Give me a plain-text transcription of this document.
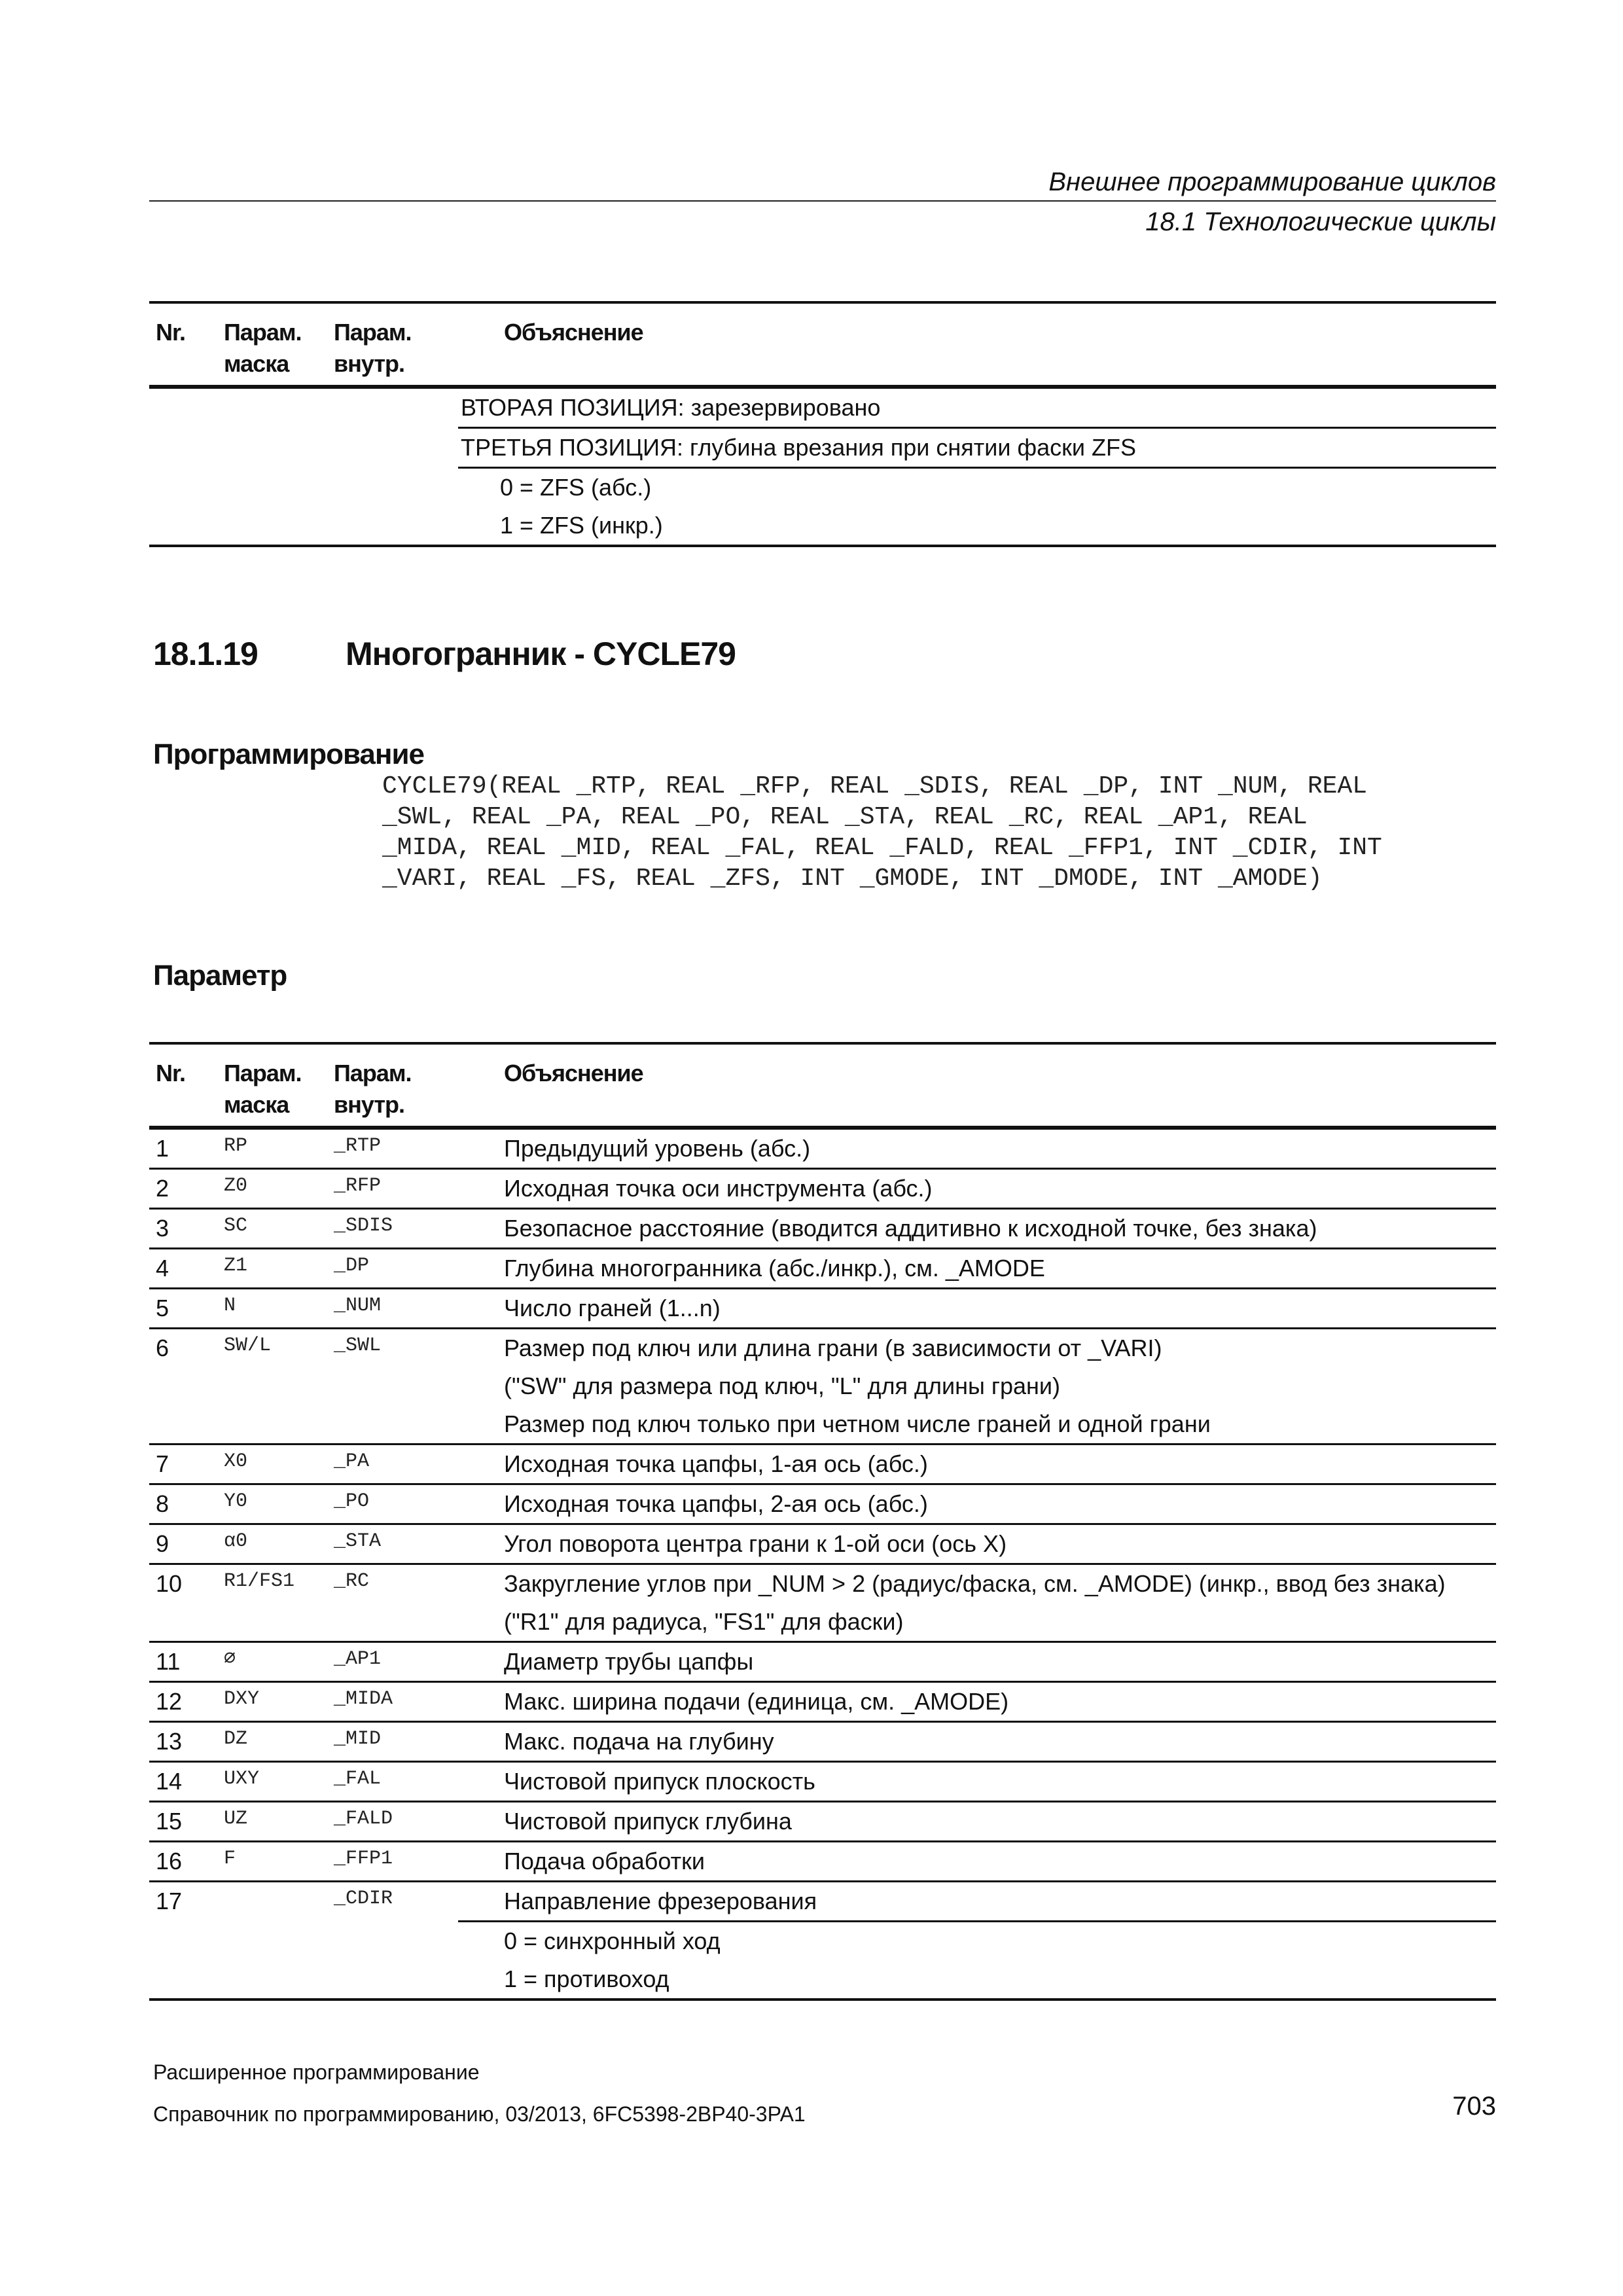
Внешнее программирование циклов
18.1 Технологические циклы
Nr.	Парам.	Парам.	Объяснение	
	маска	внутр.		
			ВТОРАЯ ПОЗИЦИЯ: зарезервировано	
			ТРЕТЬЯ ПОЗИЦИЯ: глубина врезания при снятии фаски ZFS	
				0 = ZFS (абс.)
				1 = ZFS (инкр.)
18.1.19	Многогранник - CYCLE79
Программирование
CYCLE79(REAL _RTP, REAL _RFP, REAL _SDIS, REAL _DP, INT _NUM, REAL
_SWL, REAL _PA, REAL _PO, REAL _STA, REAL _RC, REAL _AP1, REAL
_MIDA, REAL _MID, REAL _FAL, REAL _FALD, REAL _FFP1, INT _CDIR, INT
_VARI, REAL _FS, REAL _ZFS, INT _GMODE, INT _DMODE, INT _AMODE)
Параметр
Nr.	Парам.	Парам.	Объяснение	
	маска	внутр.		
1	RP	_RTP	Предыдущий уровень (абс.)	
2	Z0	_RFP	Исходная точка оси инструмента (абс.)	
3	SC	_SDIS	Безопасное расстояние (вводится аддитивно к исходной точке, без знака)	
4	Z1	_DP	Глубина многогранника (абс./инкр.), см. _AMODE	
5	N	_NUM	Число граней (1...n)	
6	SW/L	_SWL	Размер под ключ или длина грани (в зависимости от _VARI)	
			("SW" для размера под ключ, "L" для длины грани)	
			Размер под ключ только при четном числе граней и одной грани	
7	X0	_PA	Исходная точка цапфы, 1-ая ось (абс.)	
8	Y0	_PO	Исходная точка цапфы, 2-ая ось (абс.)	
9	α0	_STA	Угол поворота центра грани к 1-ой оси (ось X)	
10	R1/FS1	_RC	Закругление углов при _NUM > 2 (радиус/фаска, см. _AMODE) (инкр., ввод без знака)	
			("R1" для радиуса, "FS1" для фаски)	
11	∅	_AP1	Диаметр трубы цапфы	
12	DXY	_MIDA	Макс. ширина подачи (единица, см. _AMODE)	
13	DZ	_MID	Макс. подача на глубину	
14	UXY	_FAL	Чистовой припуск плоскость	
15	UZ	_FALD	Чистовой припуск глубина	
16	F	_FFP1	Подача обработки	
17		_CDIR	Направление фрезерования	
				0 = синхронный ход
				1 = противоход
Расширенное программирование
Справочник по программированию, 03/2013, 6FC5398-2BP40-3PA1	703
